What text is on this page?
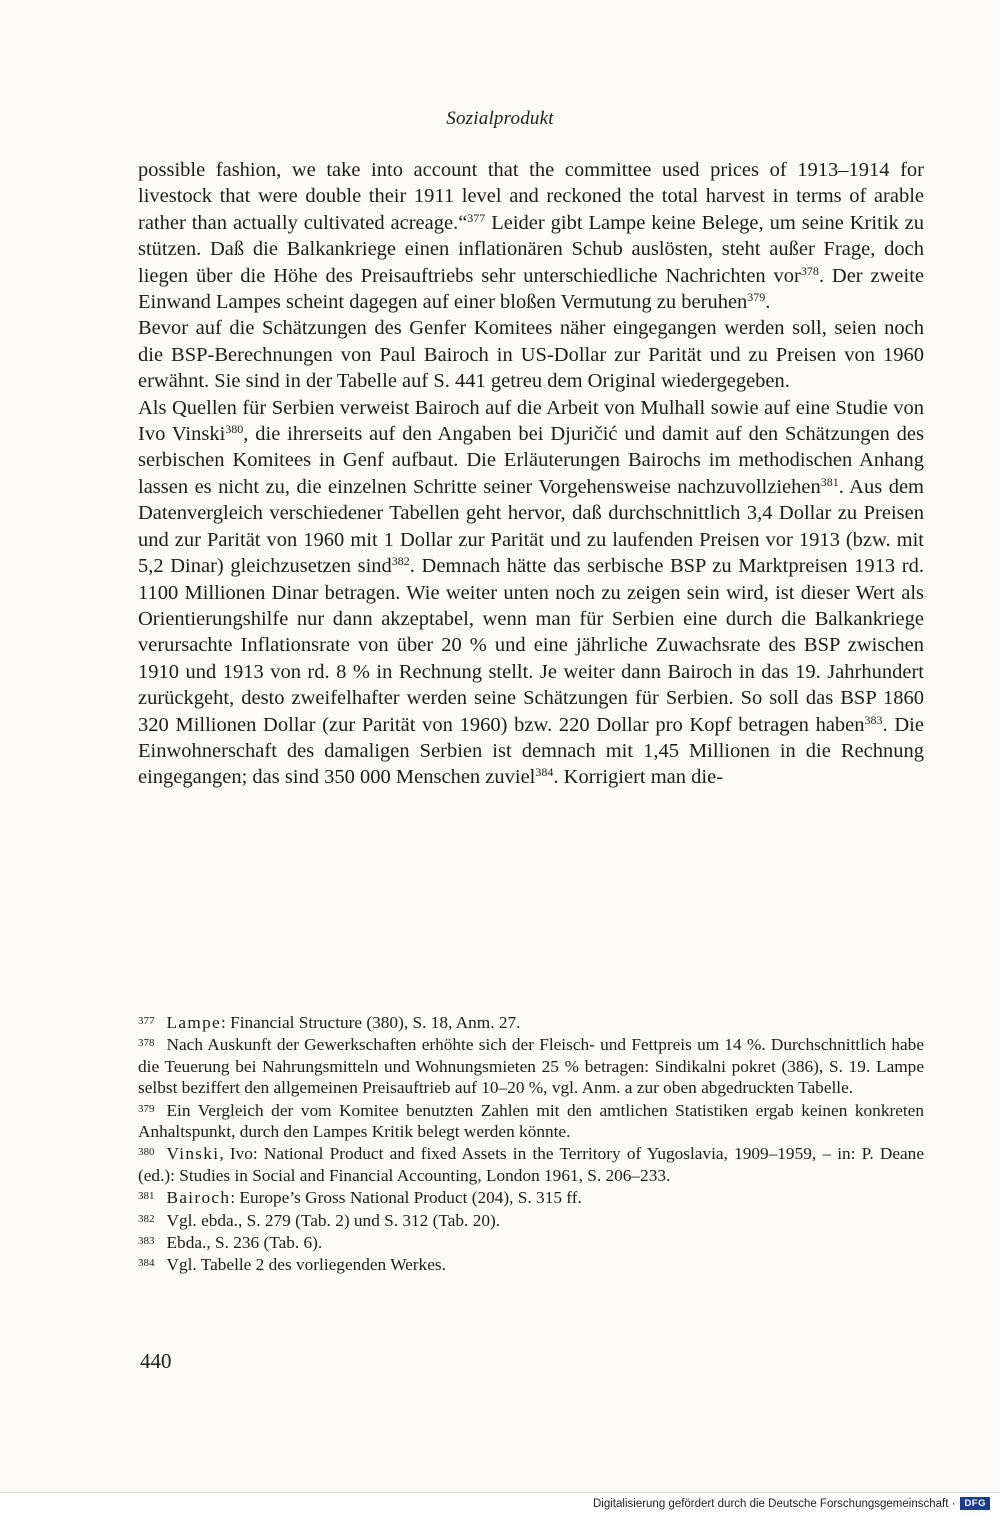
Sozialprodukt

possible fashion, we take into account that the committee used prices of 1913–1914 for livestock that were double their 1911 level and reckoned the total harvest in terms of arable rather than actually cultivated acreage.“$^{377}$ Leider gibt Lampe keine Belege, um seine Kritik zu stützen. Daß die Balkankriege einen inflationären Schub auslösten, steht außer Frage, doch liegen über die Höhe des Preisauftriebs sehr unterschiedliche Nachrichten vor$^{378}$. Der zweite Einwand Lampes scheint dagegen auf einer bloßen Vermutung zu beruhen$^{379}$.

Bevor auf die Schätzungen des Genfer Komitees näher eingegangen werden soll, seien noch die BSP-Berechnungen von Paul Bairoch in US-Dollar zur Parität und zu Preisen von 1960 erwähnt. Sie sind in der Tabelle auf S. 441 getreu dem Original wiedergegeben.

Als Quellen für Serbien verweist Bairoch auf die Arbeit von Mulhall sowie auf eine Studie von Ivo Vinski$^{380}$, die ihrerseits auf den Angaben bei Djuričić und damit auf den Schätzungen des serbischen Komitees in Genf aufbaut. Die Erläuterungen Bairochs im methodischen Anhang lassen es nicht zu, die einzelnen Schritte seiner Vorgehensweise nachzuvollziehen$^{381}$. Aus dem Datenvergleich verschiedener Tabellen geht hervor, daß durchschnittlich 3,4 Dollar zu Preisen und zur Parität von 1960 mit 1 Dollar zur Parität und zu laufenden Preisen vor 1913 (bzw. mit 5,2 Dinar) gleichzusetzen sind$^{382}$. Demnach hätte das serbische BSP zu Marktpreisen 1913 rd. 1100 Millionen Dinar betragen. Wie weiter unten noch zu zeigen sein wird, ist dieser Wert als Orientierungshilfe nur dann akzeptabel, wenn man für Serbien eine durch die Balkankriege verursachte Inflationsrate von über 20 % und eine jährliche Zuwachsrate des BSP zwischen 1910 und 1913 von rd. 8 % in Rechnung stellt. Je weiter dann Bairoch in das 19. Jahrhundert zurückgeht, desto zweifelhafter werden seine Schätzungen für Serbien. So soll das BSP 1860 320 Millionen Dollar (zur Parität von 1960) bzw. 220 Dollar pro Kopf betragen haben$^{383}$. Die Einwohnerschaft des damaligen Serbien ist demnach mit 1,45 Millionen in die Rechnung eingegangen; das sind 350 000 Menschen zuviel$^{384}$. Korrigiert man die-

$^{377}$ Lampe: Financial Structure (380), S. 18, Anm. 27.

$^{378}$ Nach Auskunft der Gewerkschaften erhöhte sich der Fleisch- und Fettpreis um 14 %. Durchschnittlich habe die Teuerung bei Nahrungsmitteln und Wohnungsmieten 25 % betragen: Sindikalni pokret (386), S. 19. Lampe selbst beziffert den allgemeinen Preisauftrieb auf 10–20 %, vgl. Anm. a zur oben abgedruckten Tabelle.

$^{379}$ Ein Vergleich der vom Komitee benutzten Zahlen mit den amtlichen Statistiken ergab keinen konkreten Anhaltspunkt, durch den Lampes Kritik belegt werden könnte.

$^{380}$ Vinski, Ivo: National Product and fixed Assets in the Territory of Yugoslavia, 1909–1959, – in: P. Deane (ed.): Studies in Social and Financial Accounting, London 1961, S. 206–233.

$^{381}$ Bairoch: Europe’s Gross National Product (204), S. 315 ff.

$^{382}$ Vgl. ebda., S. 279 (Tab. 2) und S. 312 (Tab. 20).

$^{383}$ Ebda., S. 236 (Tab. 6).

$^{384}$ Vgl. Tabelle 2 des vorliegenden Werkes.

440
Digitalisierung gefördert durch die Deutsche Forschungsgemeinschaft · DFG
